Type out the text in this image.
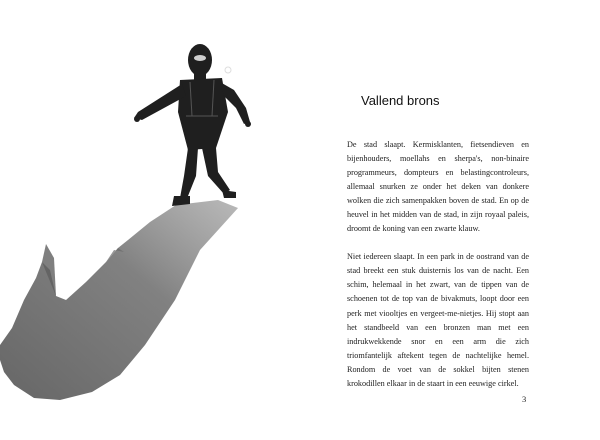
Vallend brons

De stad slaapt. Kermisklanten, fietsendieven en bijenhouders, moellahs en sherpa's, non-binaire programmeurs, dompteurs en belastingcontroleurs, allemaal snurken ze onder het deken van donkere wolken die zich samenpakken boven de stad. En op de heuvel in het midden van de stad, in zijn royaal paleis, droomt de koning van een zwarte klauw.

Niet iedereen slaapt. In een park in de oostrand van de stad breekt een stuk duisternis los van de nacht. Een schim, helemaal in het zwart, van de tippen van de schoenen tot de top van de bivakmuts, loopt door een perk met viooltjes en vergeet-me-nietjes. Hij stopt aan het standbeeld van een bronzen man met een indrukwekkende snor en een arm die zich triomfantelijk aftekent tegen de nachtelijke hemel. Rondom de voet van de sokkel bijten stenen krokodillen elkaar in de staart in een eeuwige cirkel.

3
